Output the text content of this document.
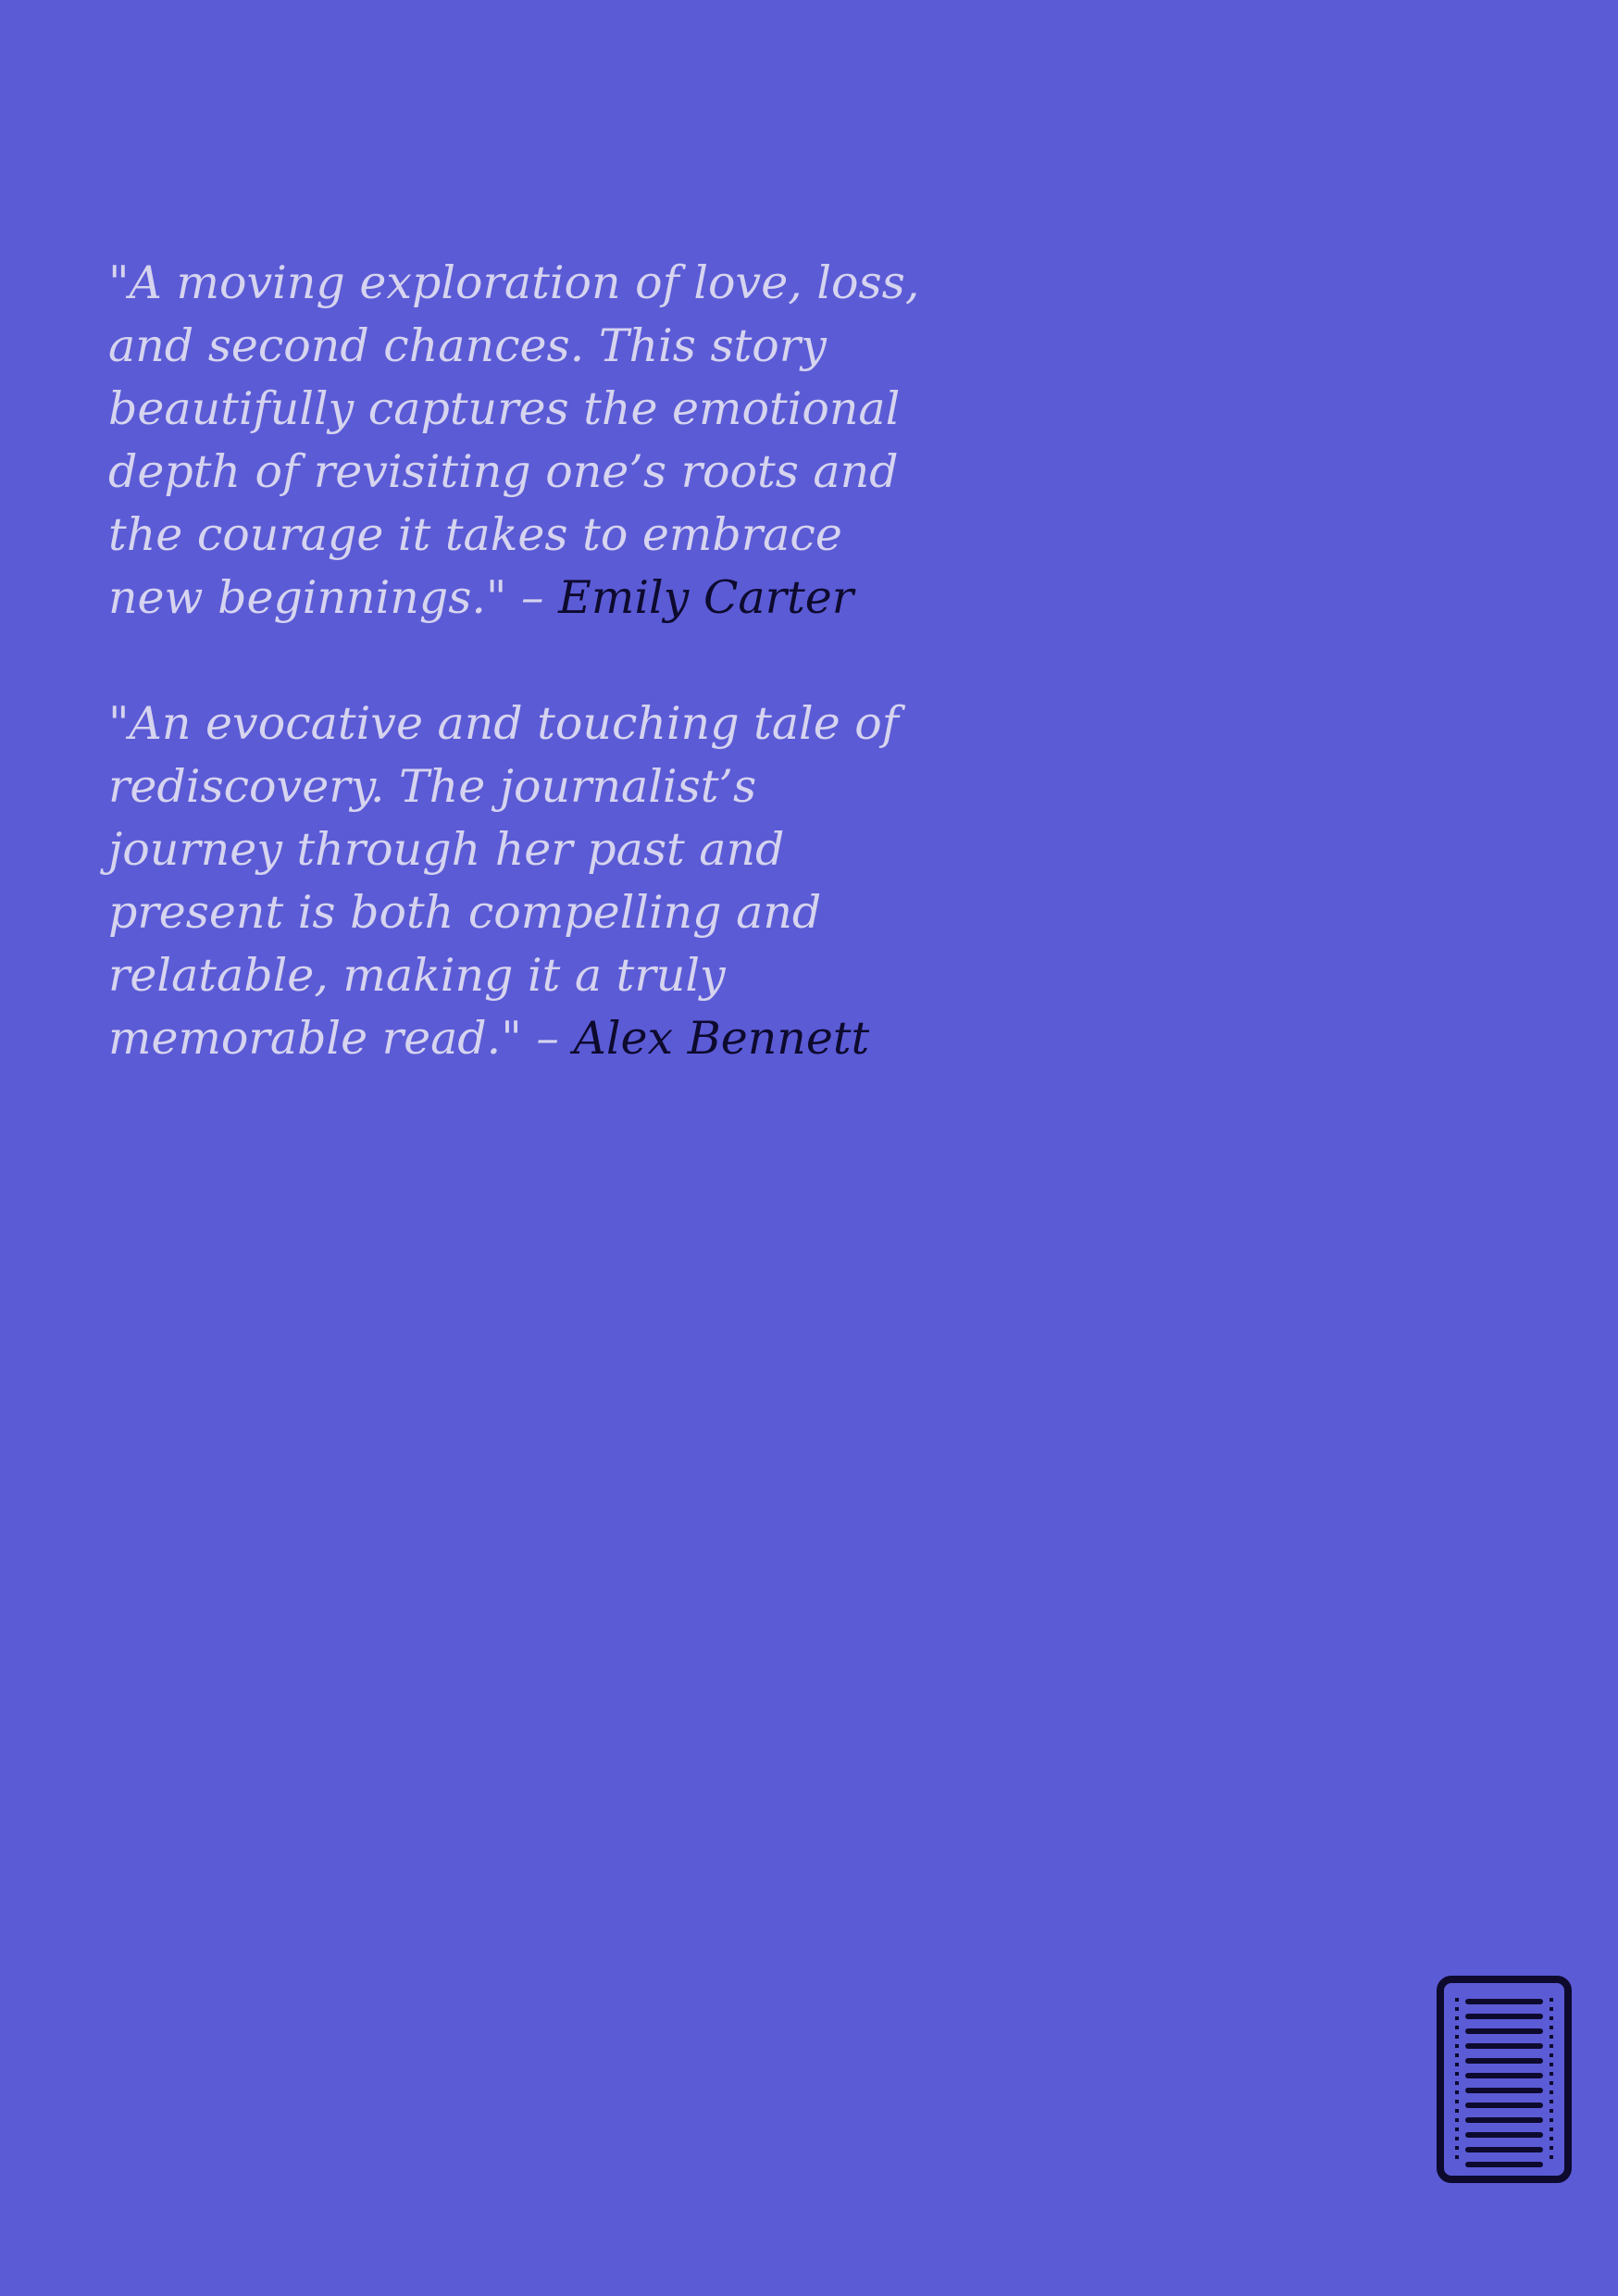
"A moving exploration of love, loss, and second chances. This story beautifully captures the emotional depth of revisiting one’s roots and the courage it takes to embrace new beginnings." – Emily Carter

"An evocative and touching tale of rediscovery. The journalist’s journey through her past and present is both compelling and relatable, making it a truly memorable read." – Alex Bennett
